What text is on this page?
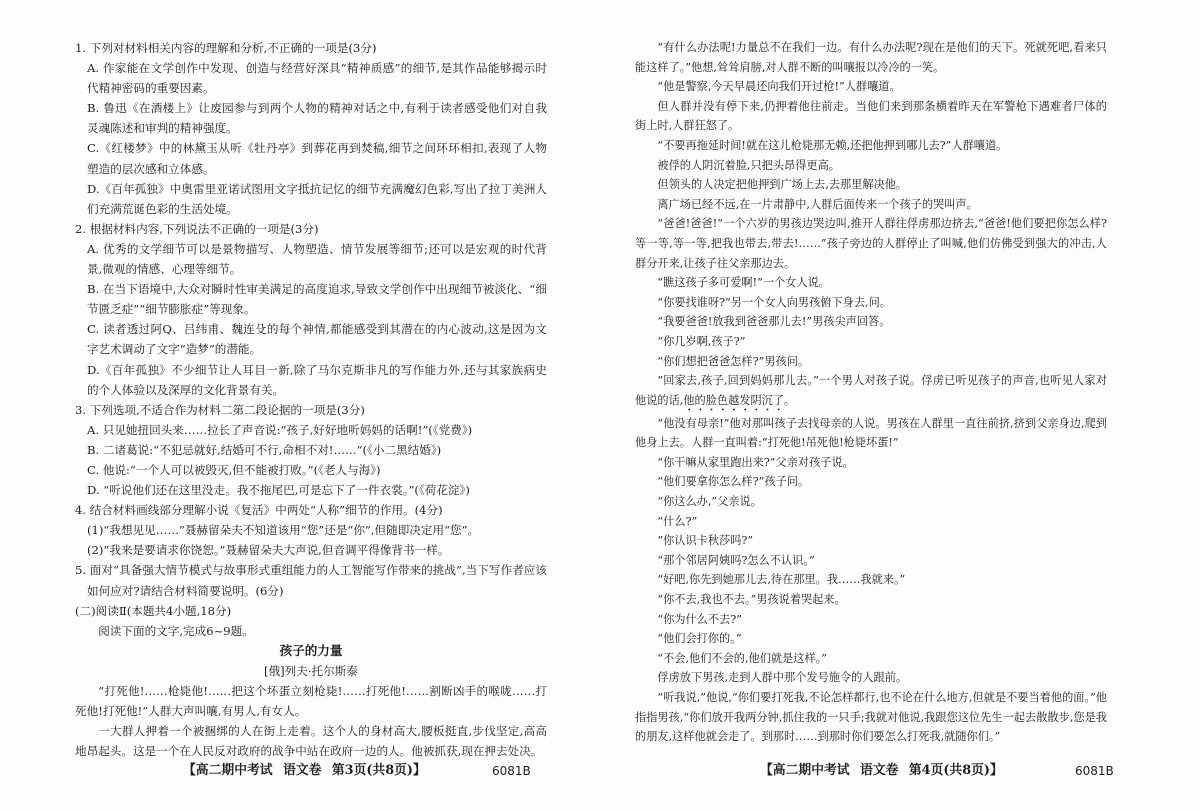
1. 下列对材料相关内容的理解和分析,不正确的一项是(3分)

A. 作家能在文学创作中发现、创造与经营好深具“精神质感”的细节,是其作品能够揭示时代精神密码的重要因素。

B. 鲁迅《在酒楼上》让废园参与到两个人物的精神对话之中,有利于读者感受他们对自我灵魂陈述和审判的精神强度。

C.《红楼梦》中的林黛玉从听《牡丹亭》到葬花再到焚稿,细节之间环环相扣,表现了人物塑造的层次感和立体感。

D.《百年孤独》中奥雷里亚诺试图用文字抵抗记忆的细节充满魔幻色彩,写出了拉丁美洲人们充满荒诞色彩的生活处境。

2. 根据材料内容,下列说法不正确的一项是(3分)

A. 优秀的文学细节可以是景物描写、人物塑造、情节发展等细节;还可以是宏观的时代背景,微观的情感、心理等细节。

B. 在当下语境中,大众对瞬时性审美满足的高度追求,导致文学创作中出现细节被淡化、“细节匮乏症”“细节膨胀症”等现象。

C. 读者透过阿Q、吕纬甫、魏连殳的每个神情,都能感受到其潜在的内心波动,这是因为文字艺术调动了文字“造梦”的潜能。

D.《百年孤独》不少细节让人耳目一新,除了马尔克斯非凡的写作能力外,还与其家族病史的个人体验以及深厚的文化背景有关。

3. 下列选项,不适合作为材料二第二段论据的一项是(3分)

A. 只见她扭回头来……拉长了声音说:“孩子,好好地听妈妈的话啊!”(《党费》)

B. 二诸葛说:“不犯忌就好,结婚可不行,命相不对!……”(《小二黑结婚》)

C. 他说:“一个人可以被毁灭,但不能被打败。”(《老人与海》)

D. “听说他们还在这里没走。我不拖尾巴,可是忘下了一件衣裳。”(《荷花淀》)

4. 结合材料画线部分理解小说《复活》中两处“人称”细节的作用。(4分)

(1)“我想见见……”聂赫留朵夫不知道该用“您”还是“你”,但随即决定用“您”。

(2)“我来是要请求你饶恕。”聂赫留朵夫大声说,但音调平得像背书一样。

5. 面对“具备强大情节模式与故事形式重组能力的人工智能写作带来的挑战”,当下写作者应该如何应对?请结合材料简要说明。(6分)

(二)阅读Ⅱ(本题共4小题,18分)

阅读下面的文字,完成6~9题。

孩子的力量

[俄]列夫·托尔斯泰

“打死他!……枪毙他!……把这个坏蛋立刻枪毙!……打死他!……割断凶手的喉咙……打死他!打死他!”人群大声叫嚷,有男人,有女人。

一大群人押着一个被捆绑的人在街上走着。这个人的身材高大,腰板挺直,步伐坚定,高高地昂起头。这是一个在人民反对政府的战争中站在政府一边的人。他被抓获,现在押去处决。

【高二期中考试 语文卷 第3页(共8页)】	6081B

“有什么办法呢!力量总不在我们一边。有什么办法呢?现在是他们的天下。死就死吧,看来只能这样了。”他想,耸耸肩膀,对人群不断的叫嚷报以冷冷的一笑。

“他是警察,今天早晨还向我们开过枪!”人群嚷道。

但人群并没有停下来,仍押着他往前走。当他们来到那条横着昨天在军警枪下遇难者尸体的街上时,人群狂怒了。

“不要再拖延时间!就在这儿枪毙那无赖,还把他押到哪儿去?”人群嚷道。

被俘的人阴沉着脸,只把头昂得更高。

但领头的人决定把他押到广场上去,去那里解决他。

离广场已经不远,在一片肃静中,人群后面传来一个孩子的哭叫声。

“爸爸!爸爸!”一个六岁的男孩边哭边叫,推开人群往俘虏那边挤去,“爸爸!他们要把你怎么样?等一等,等一等,把我也带去,带去!……”孩子旁边的人群停止了叫喊,他们仿佛受到强大的冲击,人群分开来,让孩子往父亲那边去。

“瞧这孩子多可爱啊!”一个女人说。

“你要找谁呀?”另一个女人向男孩俯下身去,问。

“我要爸爸!放我到爸爸那儿去!”男孩尖声回答。

“你几岁啊,孩子?”

“你们想把爸爸怎样?”男孩问。

“回家去,孩子,回到妈妈那儿去。”一个男人对孩子说。俘虏已听见孩子的声音,也听见人家对他说的话,他的脸色越发阴沉了。

“他没有母亲!”他对那叫孩子去找母亲的人说。男孩在人群里一直往前挤,挤到父亲身边,爬到他身上去。人群一直叫着:“打死他!吊死他!枪毙坏蛋!”

“你干嘛从家里跑出来?”父亲对孩子说。

“他们要拿你怎么样?”孩子问。

“你这么办,”父亲说。

“什么?”

“你认识卡秋莎吗?”

“那个邻居阿姨吗?怎么不认识。”

“好吧,你先到她那儿去,待在那里。我……我就来。”

“你不去,我也不去。”男孩说着哭起来。

“你为什么不去?”

“他们会打你的。”

“不会,他们不会的,他们就是这样。”

俘虏放下男孩,走到人群中那个发号施令的人跟前。

“听我说,”他说,“你们要打死我,不论怎样都行,也不论在什么地方,但就是不要当着他的面。”他指指男孩,“你们放开我两分钟,抓住我的一只手;我就对他说,我跟您这位先生一起去散散步,您是我的朋友,这样他就会走了。到那时……到那时你们要怎么打死我,就随你们。”

【高二期中考试 语文卷 第4页(共8页)】	6081B
